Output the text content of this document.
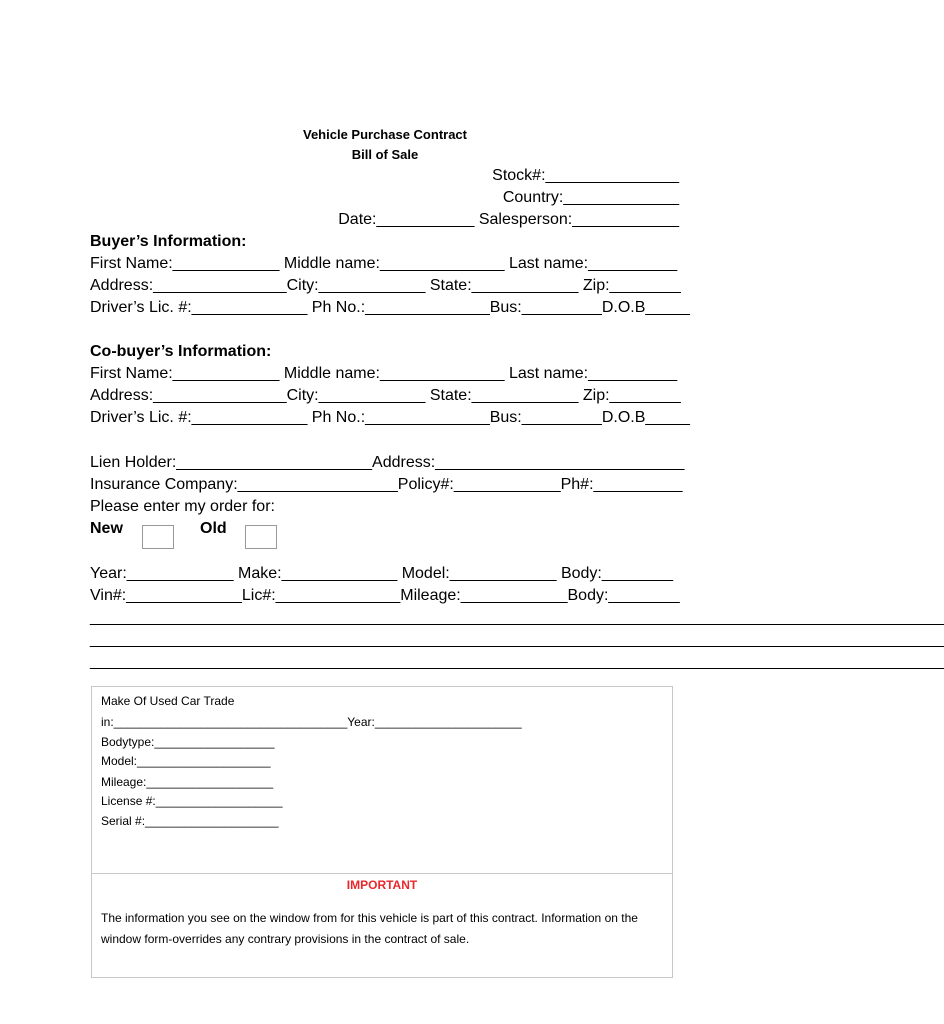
Vehicle Purchase Contract
Bill of Sale
Stock#:_______________
Country:_____________
Date:___________ Salesperson:____________
Buyer’s Information:
First Name:____________ Middle name:______________ Last name:__________
Address:_______________City:____________ State:____________ Zip:________
Driver’s Lic. #:_____________ Ph No.:______________Bus:_________D.O.B_____
Co-buyer’s Information:
First Name:____________ Middle name:______________ Last name:__________
Address:_______________City:____________ State:____________ Zip:________
Driver’s Lic. #:_____________ Ph No.:______________Bus:_________D.O.B_____
Lien Holder:______________________Address:____________________________
Insurance Company:__________________Policy#:____________Ph#:__________
Please enter my order for:
New	Old
Year:____________ Make:_____________ Model:____________ Body:________
Vin#:_____________Lic#:______________Mileage:____________Body:________
________________________________________________________________________________________________
________________________________________________________________________________________________
________________________________________________________________________________________________
Make Of Used Car Trade
in:___________________________________Year:______________________
Bodytype:__________________
Model:____________________
Mileage:___________________
License #:___________________
Serial #:____________________
IMPORTANT
The information you see on the window from for this vehicle is part of this contract. Information on the window form-overrides any contrary provisions in the contract of sale.
